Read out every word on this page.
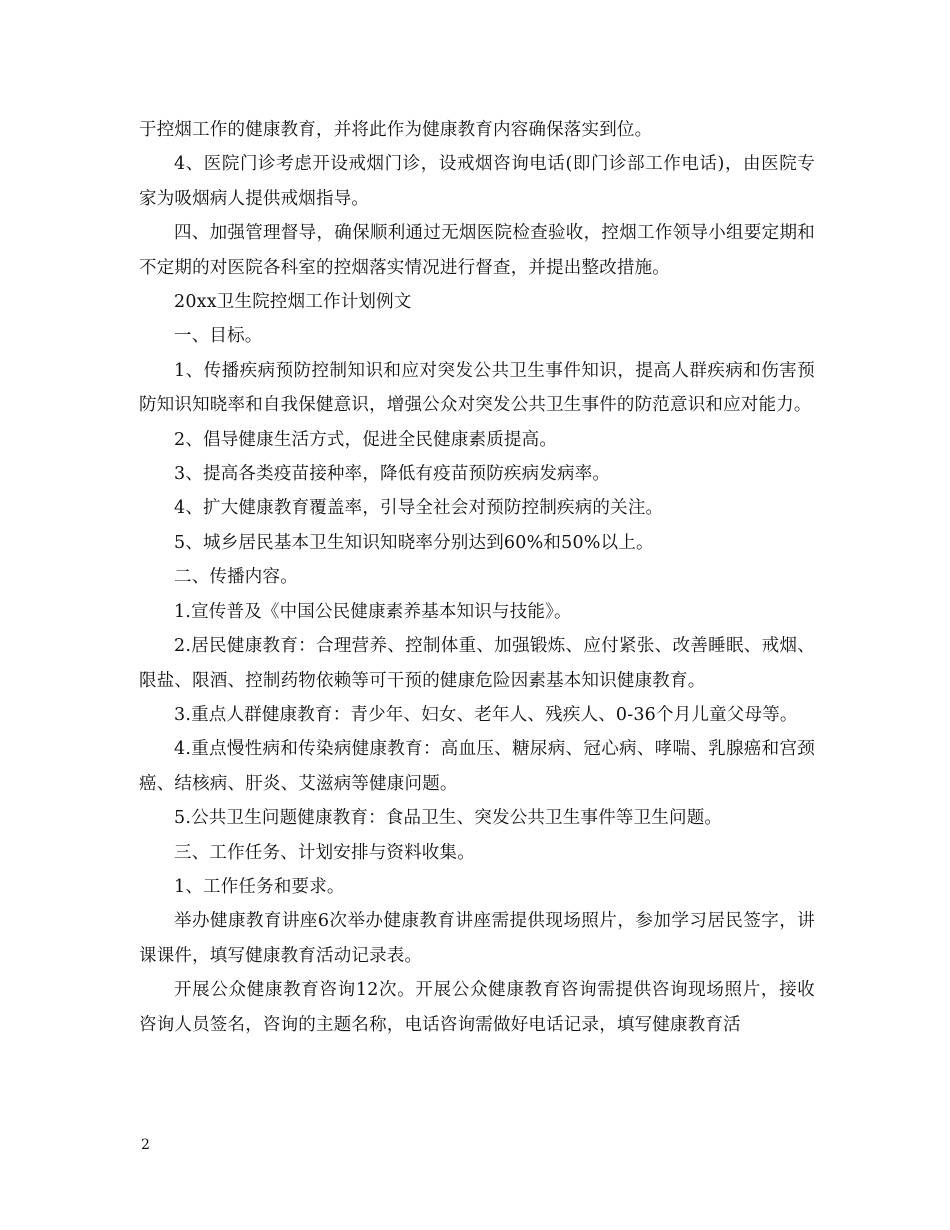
于控烟工作的健康教育，并将此作为健康教育内容确保落实到位。

4、医院门诊考虑开设戒烟门诊，设戒烟咨询电话(即门诊部工作电话)，由医院专家为吸烟病人提供戒烟指导。

四、加强管理督导，确保顺利通过无烟医院检查验收，控烟工作领导小组要定期和不定期的对医院各科室的控烟落实情况进行督查，并提出整改措施。

20xx卫生院控烟工作计划例文

一、目标。

1、传播疾病预防控制知识和应对突发公共卫生事件知识，提高人群疾病和伤害预防知识知晓率和自我保健意识，增强公众对突发公共卫生事件的防范意识和应对能力。

2、倡导健康生活方式，促进全民健康素质提高。

3、提高各类疫苗接种率，降低有疫苗预防疾病发病率。

4、扩大健康教育覆盖率，引导全社会对预防控制疾病的关注。

5、城乡居民基本卫生知识知晓率分别达到60%和50%以上。

二、传播内容。

1.宣传普及《中国公民健康素养基本知识与技能》。

2.居民健康教育：合理营养、控制体重、加强锻炼、应付紧张、改善睡眠、戒烟、限盐、限酒、控制药物依赖等可干预的健康危险因素基本知识健康教育。

3.重点人群健康教育：青少年、妇女、老年人、残疾人、0-36个月儿童父母等。

4.重点慢性病和传染病健康教育：高血压、糖尿病、冠心病、哮喘、乳腺癌和宫颈癌、结核病、肝炎、艾滋病等健康问题。

5.公共卫生问题健康教育：食品卫生、突发公共卫生事件等卫生问题。

三、工作任务、计划安排与资料收集。

1、工作任务和要求。

举办健康教育讲座6次举办健康教育讲座需提供现场照片，参加学习居民签字，讲课课件，填写健康教育活动记录表。

开展公众健康教育咨询12次。开展公众健康教育咨询需提供咨询现场照片，接收咨询人员签名，咨询的主题名称，电话咨询需做好电话记录，填写健康教育活

2
